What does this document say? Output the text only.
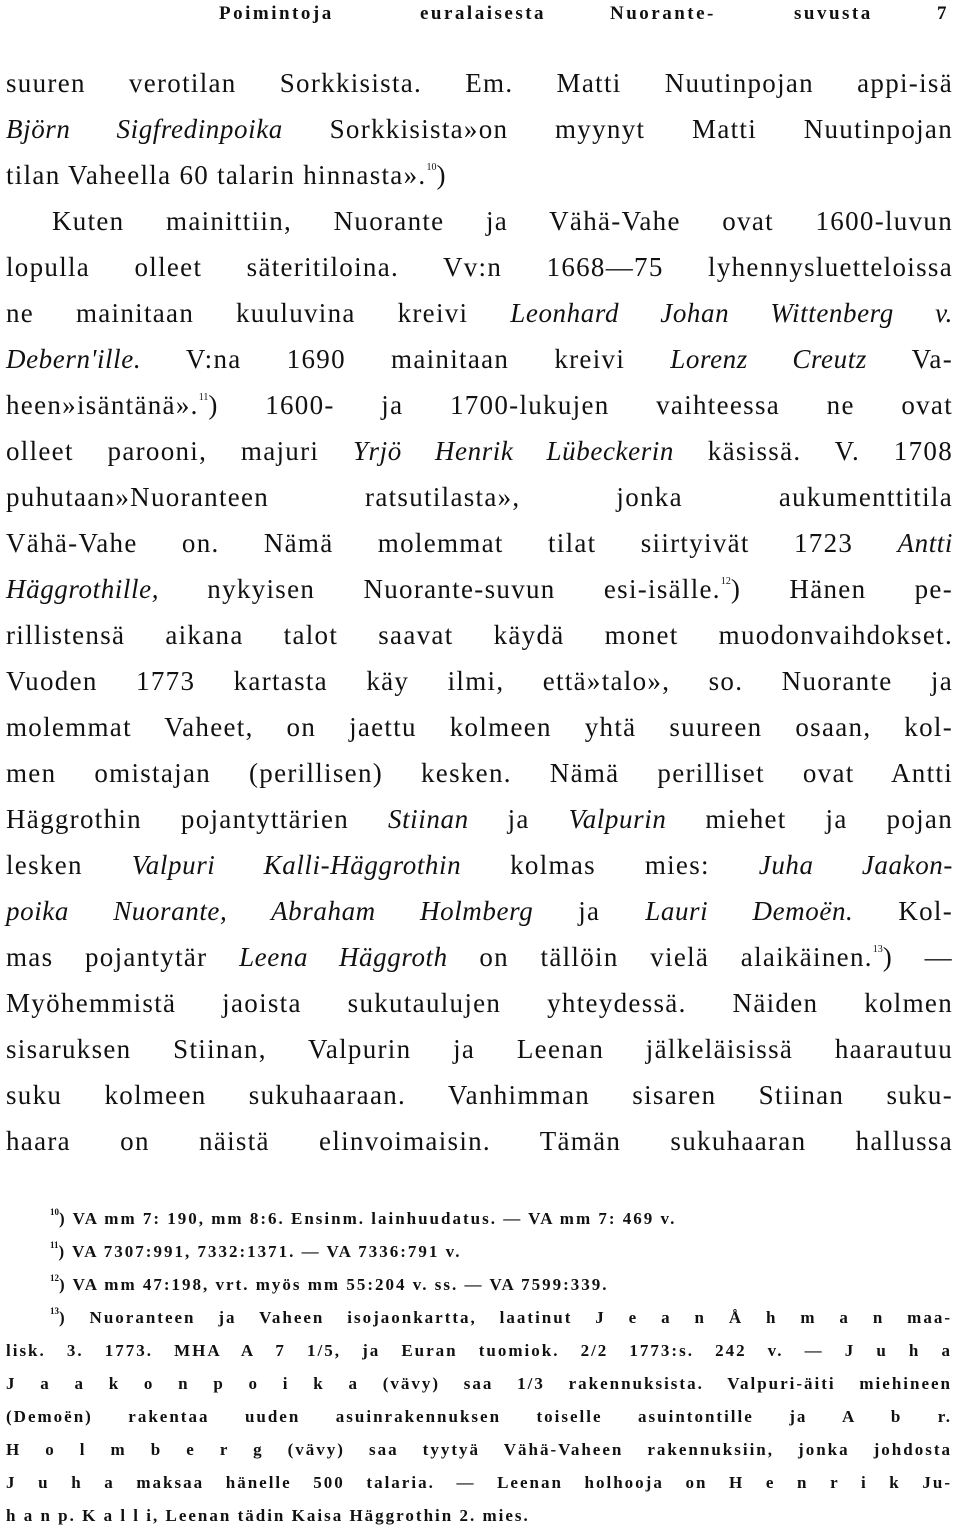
Poimintoja	euralaisesta	Nuorante-	suvusta	7
suuren verotilan Sorkkisista. Em. Matti Nuutinpojan appi-isä
Björn Sigfredinpoika Sorkkisista»on myynyt Matti Nuutinpojan
tilan Vaheella 60 talarin hinnasta».$^{10}$)
Kuten mainittiin, Nuorante ja Vähä-Vahe ovat 1600-luvun
lopulla olleet säteritiloina. Vv:n 1668—75 lyhennysluetteloissa
ne mainitaan kuuluvina kreivi Leonhard Johan Wittenberg v.
Debern'ille. V:na 1690 mainitaan kreivi Lorenz Creutz Va-
heen»isäntänä».$^{11}$) 1600- ja 1700-lukujen vaihteessa ne ovat
olleet parooni, majuri Yrjö Henrik Lübeckerin käsissä. V. 1708
puhutaan»Nuoranteen ratsutilasta», jonka aukumenttitila
Vähä-Vahe on. Nämä molemmat tilat siirtyivät 1723 Antti
Häggrothille, nykyisen Nuorante-suvun esi-isälle.$^{12}$) Hänen pe-
rillistensä aikana talot saavat käydä monet muodonvaihdokset.
Vuoden 1773 kartasta käy ilmi, että»talo», so. Nuorante ja
molemmat Vaheet, on jaettu kolmeen yhtä suureen osaan, kol-
men omistajan (perillisen) kesken. Nämä perilliset ovat Antti
Häggrothin pojantyttärien Stiinan ja Valpurin miehet ja pojan
lesken Valpuri Kalli-Häggrothin kolmas mies: Juha Jaakon-
poika Nuorante, Abraham Holmberg ja Lauri Demoën. Kol-
mas pojantytär Leena Häggroth on tällöin vielä alaikäinen.$^{13}$) —
Myöhemmistä jaoista sukutaulujen yhteydessä. Näiden kolmen
sisaruksen Stiinan, Valpurin ja Leenan jälkeläisissä haarautuu
suku kolmeen sukuhaaraan. Vanhimman sisaren Stiinan suku-
haara on näistä elinvoimaisin. Tämän sukuhaaran hallussa
$^{10}$) VA mm 7: 190, mm 8:6. Ensinm. lainhuudatus. — VA mm 7: 469 v.
$^{11}$) VA 7307:991, 7332:1371. — VA 7336:791 v.
$^{12}$) VA mm 47:198, vrt. myös mm 55:204 v. ss. — VA 7599:339.
$^{13}$) Nuoranteen ja Vaheen isojaonkartta, laatinut J e a n Å h m a n maa-
lisk. 3. 1773. MHA A 7 1/5, ja Euran tuomiok. 2/2 1773:s. 242 v. — J u h a
J a a k o n p o i k a (vävy) saa 1/3 rakennuksista. Valpuri-äiti miehineen
(Demoën) rakentaa uuden asuinrakennuksen toiselle asuintontille ja A b r.
H o l m b e r g (vävy) saa tyytyä Vähä-Vaheen rakennuksiin, jonka johdosta
J u h a maksaa hänelle 500 talaria. — Leenan holhooja on H e n r i k Ju-
h a n p. K a l l i, Leenan tädin Kaisa Häggrothin 2. mies.
